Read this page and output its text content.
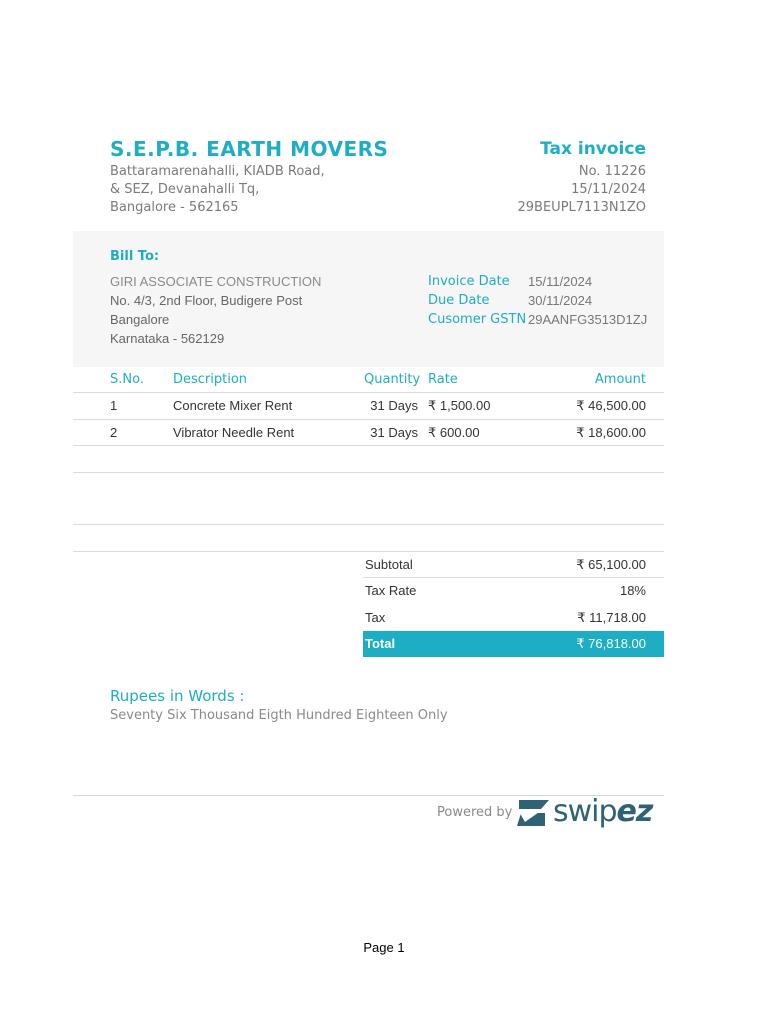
S.E.P.B. EARTH MOVERS
Battaramarenahalli, KIADB Road,
& SEZ, Devanahalli Tq,
Bangalore - 562165
Tax invoice
No. 11226
15/11/2024
29BEUPL7113N1ZO
Bill To:
GIRI ASSOCIATE CONSTRUCTION
No. 4/3, 2nd Floor, Budigere Post
Bangalore
Karnataka - 562129
Invoice Date 15/11/2024
Due Date	30/11/2024
Cusomer GSTN 29AANFG3513D1ZJ
S.No. Description	Quantity Rate	Amount
1	Concrete Mixer Rent	31 Days ₹ 1,500.00	₹ 46,500.00
2	Vibrator Needle Rent	31 Days ₹ 600.00	₹ 18,600.00
Subtotal	₹ 65,100.00
Tax Rate	18%
Tax	₹ 11,718.00
Total	₹ 76,818.00
Rupees in Words :
Seventy Six Thousand Eigth Hundred Eighteen Only
Powered by swipez
Page 1
